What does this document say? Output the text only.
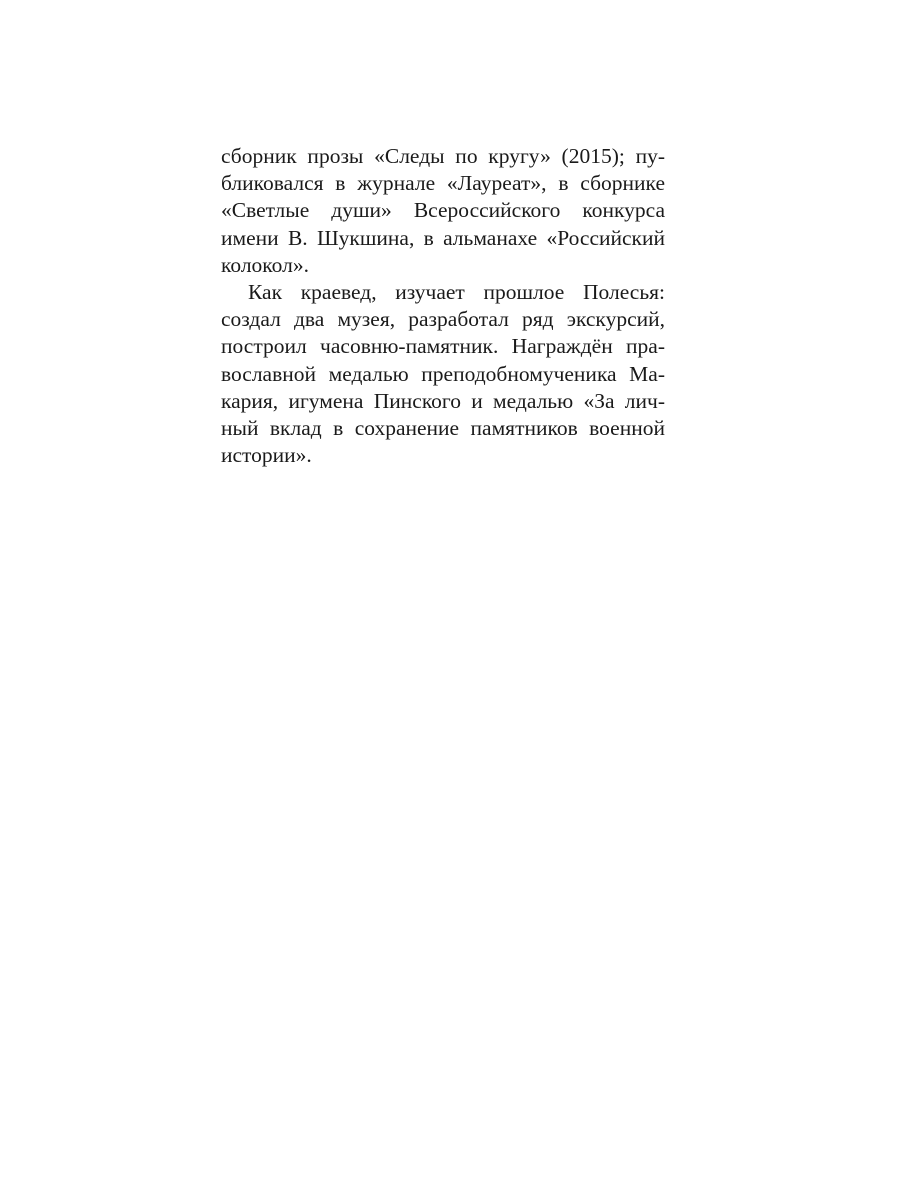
сборник прозы «Следы по кругу» (2015); пу-
бликовался в журнале «Лауреат», в сборнике
«Светлые души» Всероссийского конкурса
имени В. Шукшина, в альманахе «Российский
колокол».
Как краевед, изучает прошлое Полесья:
создал два музея, разработал ряд экскурсий,
построил часовню-памятник. Награждён пра-
вославной медалью преподобномученика Ма-
кария, игумена Пинского и медалью «За лич-
ный вклад в сохранение памятников военной
истории».
